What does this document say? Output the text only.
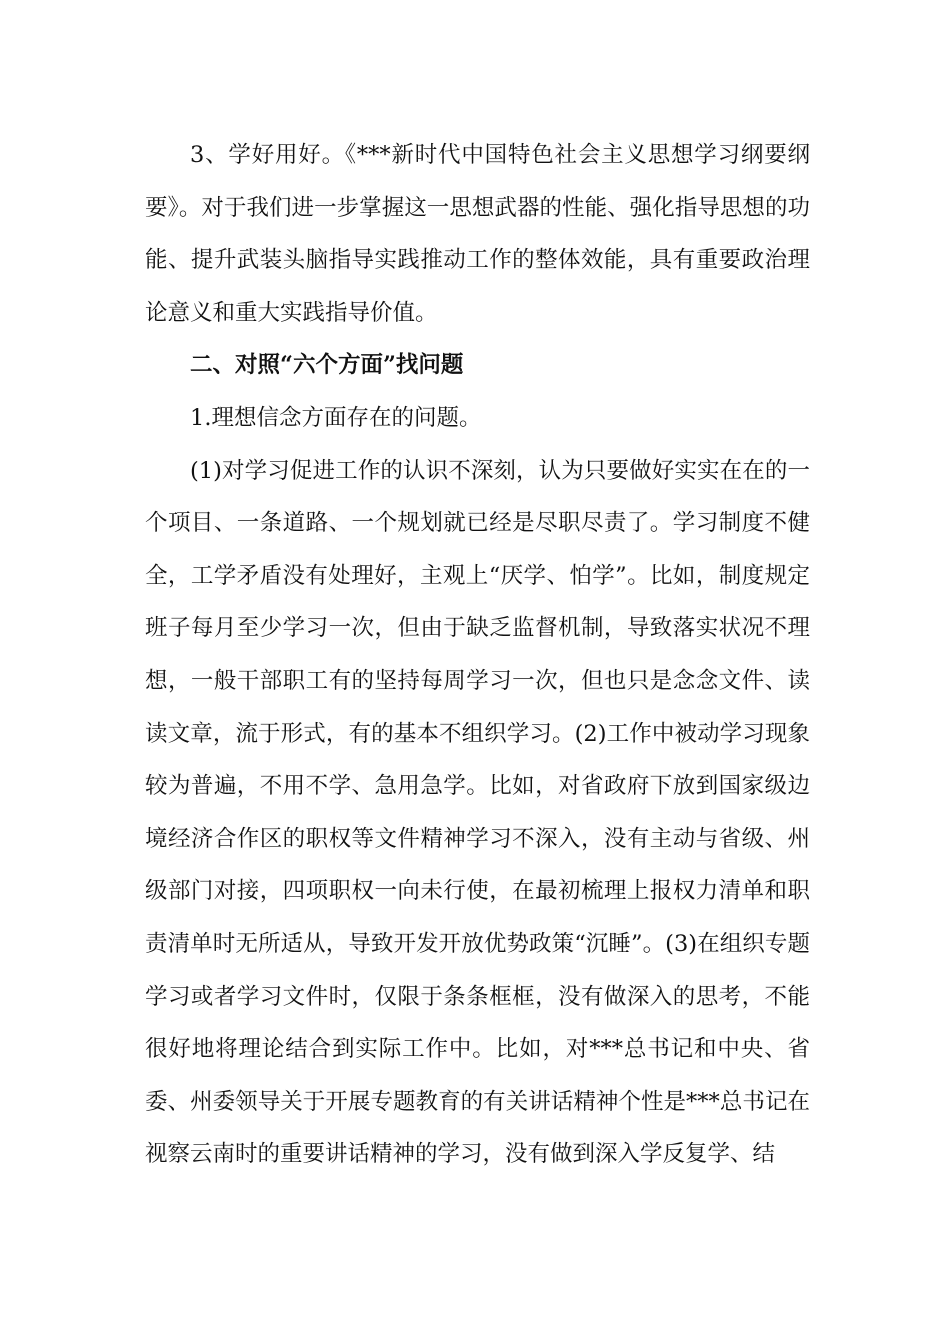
3、学好用好。《***新时代中国特色社会主义思想学习纲要纲要》。对于我们进一步掌握这一思想武器的性能、强化指导思想的功能、提升武装头脑指导实践推动工作的整体效能，具有重要政治理论意义和重大实践指导价值。

二、对照“六个方面”找问题

1.理想信念方面存在的问题。

(1)对学习促进工作的认识不深刻，认为只要做好实实在在的一个项目、一条道路、一个规划就已经是尽职尽责了。学习制度不健全，工学矛盾没有处理好，主观上“厌学、怕学”。比如，制度规定班子每月至少学习一次，但由于缺乏监督机制，导致落实状况不理想，一般干部职工有的坚持每周学习一次，但也只是念念文件、读读文章，流于形式，有的基本不组织学习。(2)工作中被动学习现象较为普遍，不用不学、急用急学。比如，对省政府下放到国家级边境经济合作区的职权等文件精神学习不深入，没有主动与省级、州级部门对接，四项职权一向未行使，在最初梳理上报权力清单和职责清单时无所适从，导致开发开放优势政策“沉睡”。(3)在组织专题学习或者学习文件时，仅限于条条框框，没有做深入的思考，不能很好地将理论结合到实际工作中。比如，对***总书记和中央、省委、州委领导关于开展专题教育的有关讲话精神个性是***总书记在视察云南时的重要讲话精神的学习，没有做到深入学反复学、结
